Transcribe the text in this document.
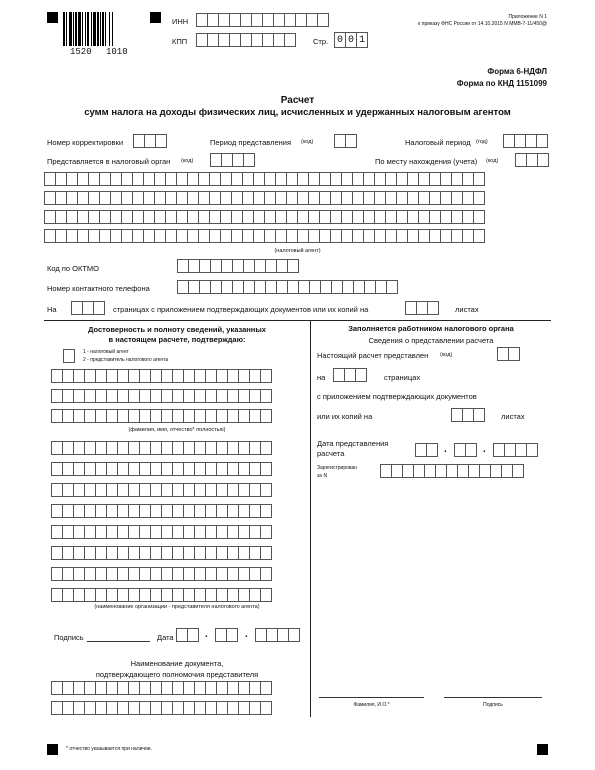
1520 1010
ИНН
КПП	Стр. 0 0 1
Приложение N 1
к приказу ФНС России от 14.10.2015 N ММВ-7-11/450@
Форма 6-НДФЛ
Форма по КНД 1151099
Расчет
сумм налога на доходы физических лиц, исчисленных и удержанных налоговым агентом
Номер корректировки	Период представления (код)	Налоговый период (год)
Представляется в налоговый орган (код)	По месту нахождения (учета) (код)
(налоговый агент)
Код по ОКТМО
Номер контактного телефона
На	страницах с приложением подтверждающих документов или их копий на	листах
Достоверность и полноту сведений, указанных
в настоящем расчете, подтверждаю:
1 - налоговый агент
2 - представитель налогового агента
(фамилия, имя, отчество* полностью)
(наименование организации - представителя налогового агента)
Подпись	Дата	.	.
Наименование документа,
подтверждающего полномочия представителя
Заполняется работником налогового органа
Сведения о представлении расчета
Настоящий расчет представлен (код)
на	страницах
с приложением подтверждающих документов
или их копий на	листах
Дата представления
расчета	.	.
Зарегистрирован
за N
Фамилия, И.О.*	Подпись
* отчество указывается при наличии.
